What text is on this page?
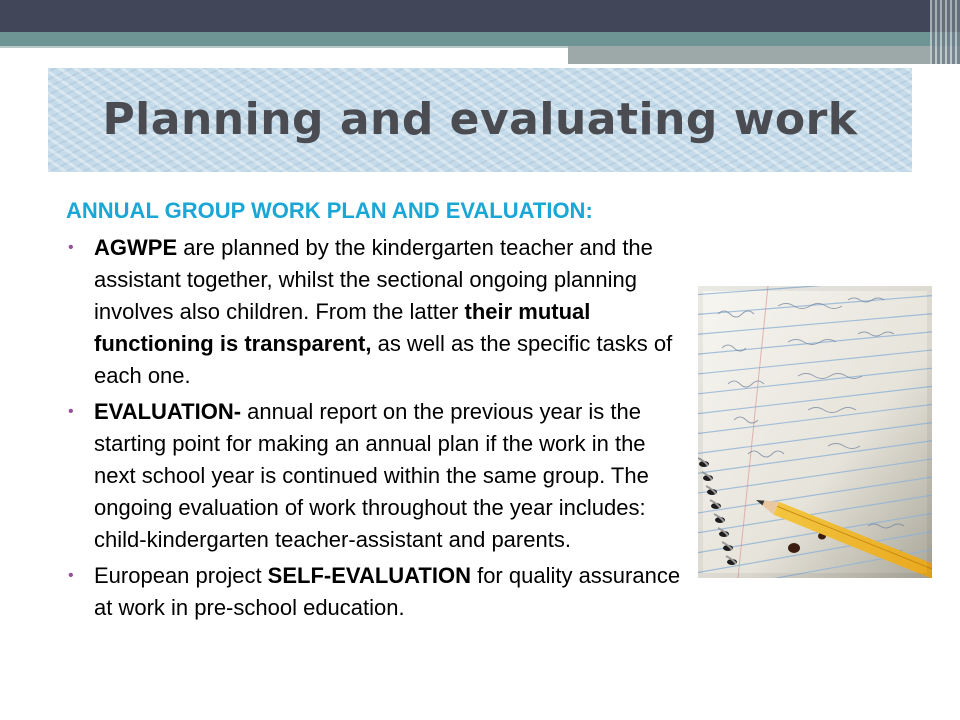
Planning and evaluating work

ANNUAL GROUP WORK PLAN AND EVALUATION:

• AGWPE are planned by the kindergarten teacher and the assistant together, whilst the sectional ongoing planning involves also children. From the latter their mutual functioning is transparent, as well as the specific tasks of each one.

• EVALUATION- annual report on the previous year is the starting point for making an annual plan if the work in the next school year is continued within the same group. The ongoing evaluation of work throughout the year includes: child-kindergarten teacher-assistant and parents.

• European project SELF-EVALUATION for quality assurance at work in pre-school education.
